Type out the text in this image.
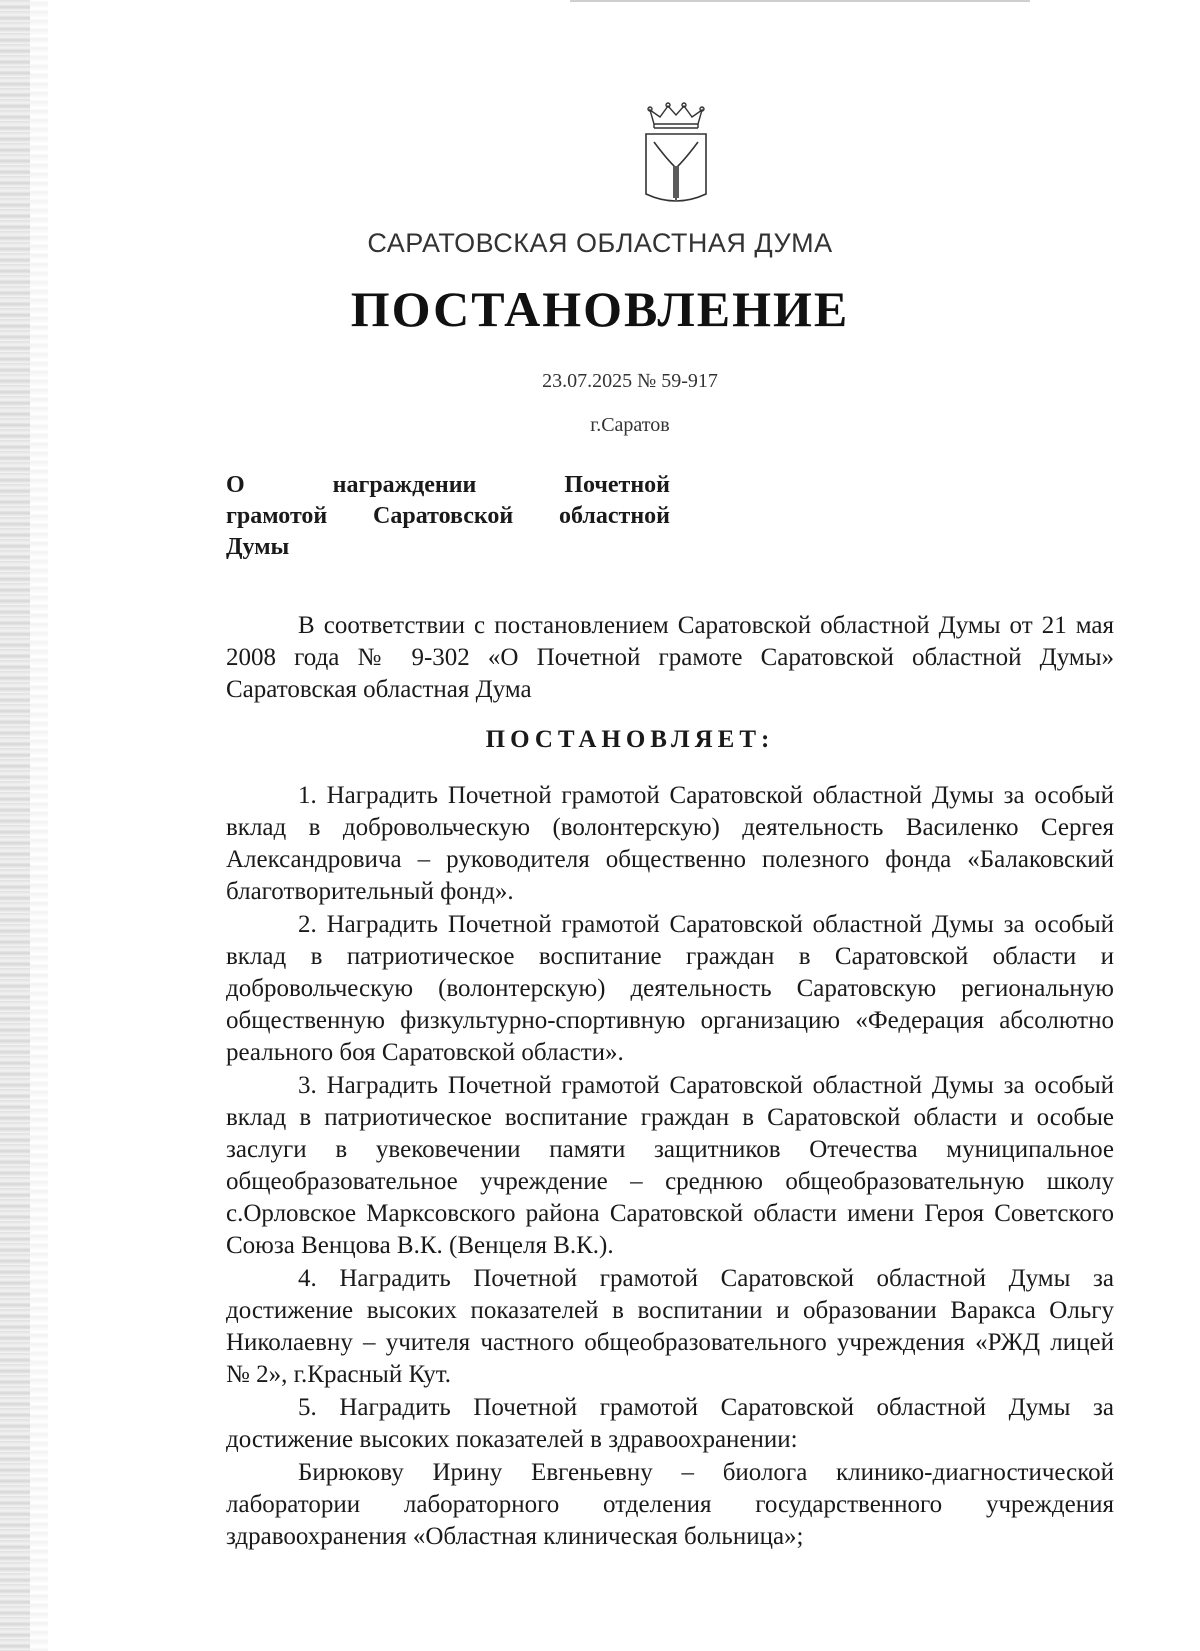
САРАТОВСКАЯ ОБЛАСТНАЯ ДУМА
ПОСТАНОВЛЕНИЕ
23.07.2025 № 59-917
г.Саратов
О	награждении	Почетной
грамотой Саратовской областной
Думы

В соответствии с постановлением Саратовской областной Думы от 21 мая 2008 года № 9-302 «О Почетной грамоте Саратовской областной Думы» Саратовская областная Дума

ПОСТАНОВЛЯЕТ:

1. Наградить Почетной грамотой Саратовской областной Думы за особый вклад в добровольческую (волонтерскую) деятельность Василенко Сергея Александровича – руководителя общественно полезного фонда «Балаковский благотворительный фонд».

2. Наградить Почетной грамотой Саратовской областной Думы за особый вклад в патриотическое воспитание граждан в Саратовской области и добровольческую (волонтерскую) деятельность Саратовскую региональную общественную физкультурно-спортивную организацию «Федерация абсолютно реального боя Саратовской области».

3. Наградить Почетной грамотой Саратовской областной Думы за особый вклад в патриотическое воспитание граждан в Саратовской области и особые заслуги в увековечении памяти защитников Отечества муниципальное общеобразовательное учреждение – среднюю общеобразовательную школу с.Орловское Марксовского района Саратовской области имени Героя Советского Союза Венцова В.К. (Венцеля В.К.).

4. Наградить Почетной грамотой Саратовской областной Думы за достижение высоких показателей в воспитании и образовании Варакса Ольгу Николаевну – учителя частного общеобразовательного учреждения «РЖД лицей № 2», г.Красный Кут.

5. Наградить Почетной грамотой Саратовской областной Думы за достижение высоких показателей в здравоохранении:

Бирюкову Ирину Евгеньевну – биолога клинико-диагностической лаборатории лабораторного отделения государственного учреждения здравоохранения «Областная клиническая больница»;
